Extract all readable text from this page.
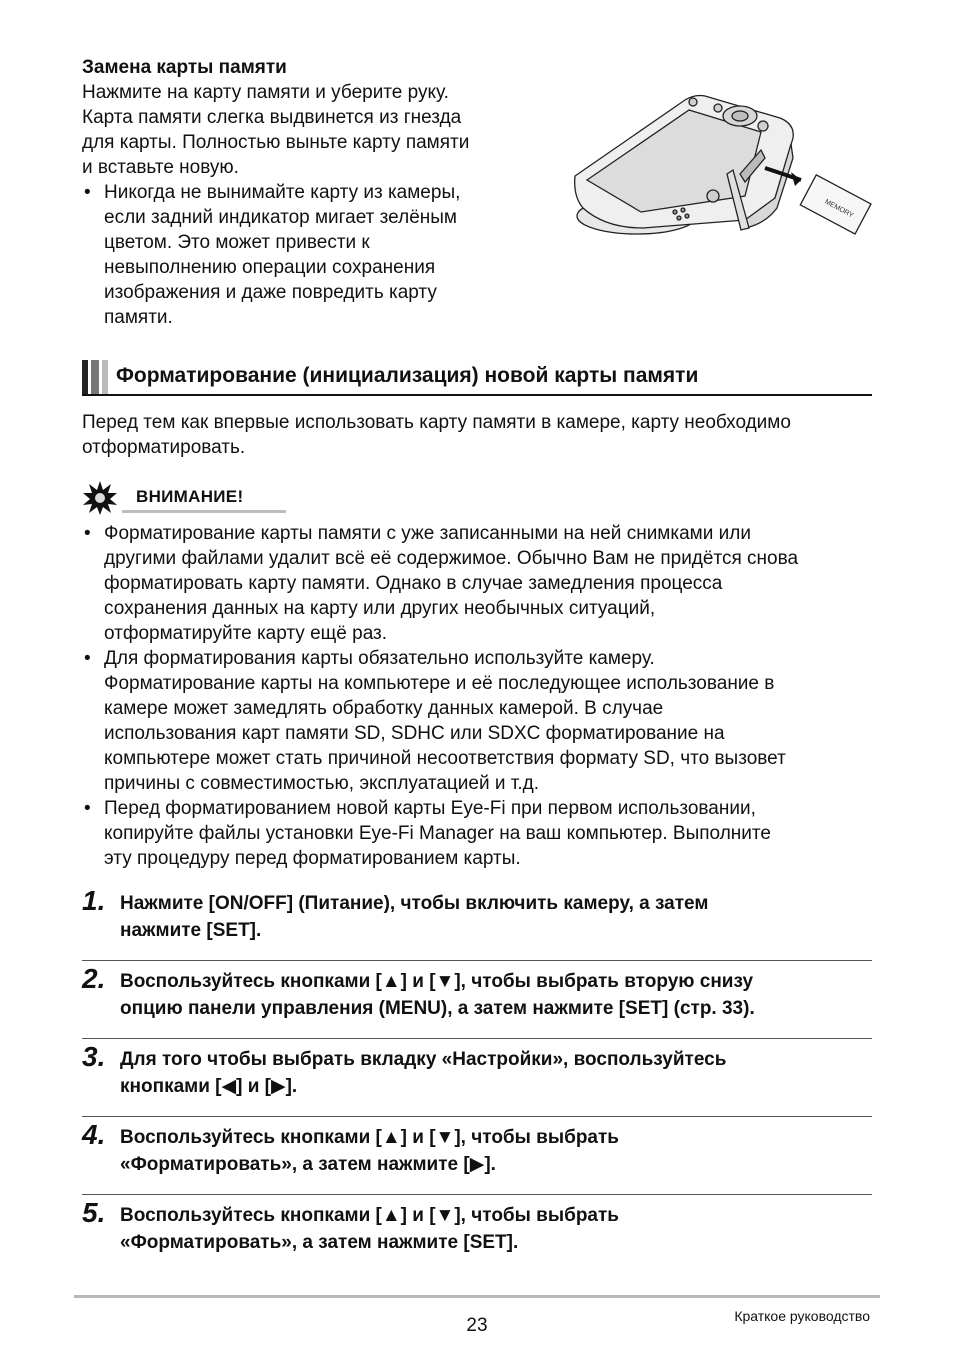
Замена карты памяти
Нажмите на карту памяти и уберите руку.
Карта памяти слегка выдвинется из гнезда
для карты. Полностью выньте карту памяти
и вставьте новую.
• Никогда не вынимайте карту из камеры,
если задний индикатор мигает зелёным
цветом. Это может привести к
невыполнению операции сохранения
изображения и даже повредить карту
памяти.
MEMORY
Форматирование (инициализация) новой карты памяти
Перед тем как впервые использовать карту памяти в камере, карту необходимо
отформатировать.
ВНИМАНИЕ!
• Форматирование карты памяти с уже записанными на ней снимками или
другими файлами удалит всё её содержимое. Обычно Вам не придётся снова
форматировать карту памяти. Однако в случае замедления процесса
сохранения данных на карту или других необычных ситуаций,
отформатируйте карту ещё раз.
• Для форматирования карты обязательно используйте камеру.
Форматирование карты на компьютере и её последующее использование в
камере может замедлять обработку данных камерой. В случае
использования карт памяти SD, SDHC или SDXC форматирование на
компьютере может стать причиной несоответствия формату SD, что вызовет
причины с совместимостью, эксплуатацией и т.д.
• Перед форматированием новой карты Eye-Fi при первом использовании,
копируйте файлы установки Eye-Fi Manager на ваш компьютер. Выполните
эту процедуру перед форматированием карты.
1. Нажмите [ON/OFF] (Питание), чтобы включить камеру, а затем
нажмите [SET].
2. Воспользуйтесь кнопками [▲] и [▼], чтобы выбрать вторую снизу
опцию панели управления (MENU), а затем нажмите [SET] (стр. 33).
3. Для того чтобы выбрать вкладку «Настройки», воспользуйтесь
кнопками [◀] и [▶].
4. Воспользуйтесь кнопками [▲] и [▼], чтобы выбрать
«Форматировать», а затем нажмите [▶].
5. Воспользуйтесь кнопками [▲] и [▼], чтобы выбрать
«Форматировать», а затем нажмите [SET].
23	Краткое руководство
